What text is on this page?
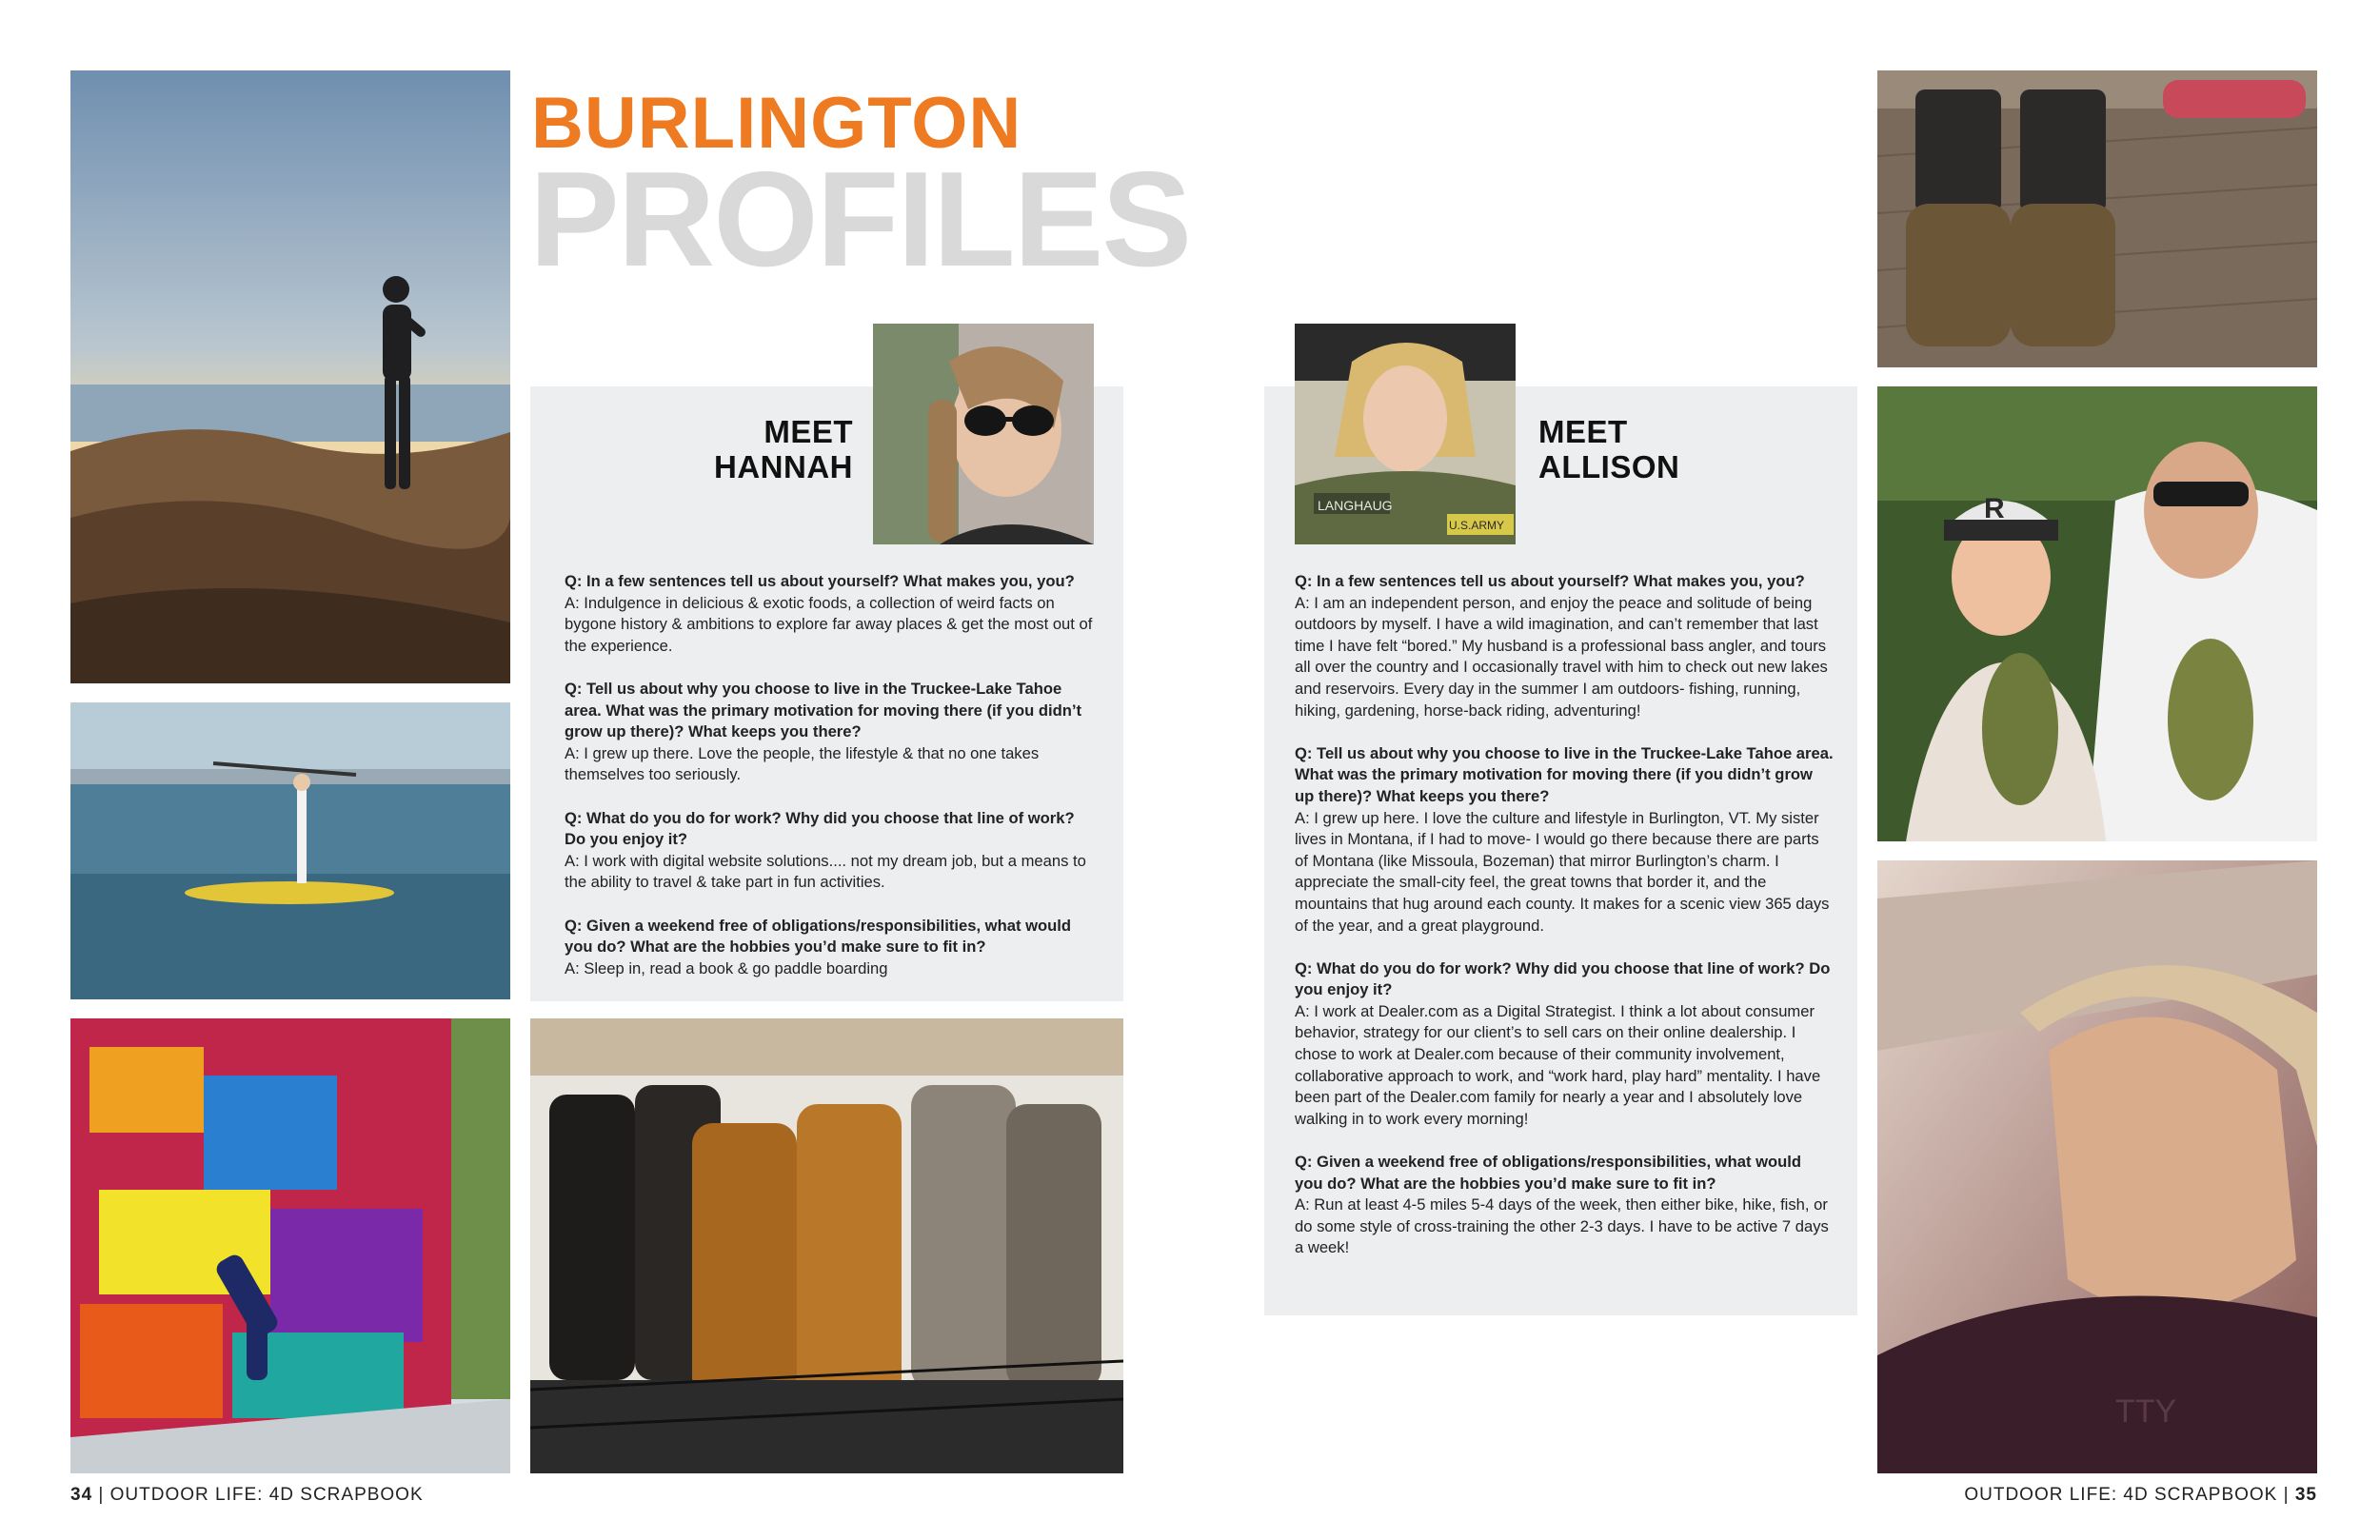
BURLINGTON
PROFILES
MEET
HANNAH

Q: In a few sentences tell us about yourself? What makes you, you?
A: Indulgence in delicious & exotic foods, a collection of weird facts on bygone history & ambitions to explore far away places & get the most out of the experience.

Q: Tell us about why you choose to live in the Truckee-Lake Tahoe area. What was the primary motivation for moving there (if you didn’t grow up there)? What keeps you there?
A: I grew up there. Love the people, the lifestyle & that no one takes themselves too seriously.

Q: What do you do for work? Why did you choose that line of work? Do you enjoy it?
A: I work with digital website solutions.... not my dream job, but a means to the ability to travel & take part in fun activities.

Q: Given a weekend free of obligations/responsibilities, what would you do? What are the hobbies you’d make sure to fit in?
A: Sleep in, read a book & go paddle boarding

LANGHAUG
U.S.ARMY
MEET
ALLISON

Q: In a few sentences tell us about yourself? What makes you, you?
A: I am an independent person, and enjoy the peace and solitude of being outdoors by myself. I have a wild imagination, and can’t remember that last time I have felt “bored.” My husband is a professional bass angler, and tours all over the country and I occasionally travel with him to check out new lakes and reservoirs. Every day in the summer I am outdoors- fishing, running, hiking, gardening, horse-back riding, adventuring!

Q: Tell us about why you choose to live in the Truckee-Lake Tahoe area. What was the primary motivation for moving there (if you didn’t grow up there)? What keeps you there?
A: I grew up here. I love the culture and lifestyle in Burlington, VT. My sister lives in Montana, if I had to move- I would go there because there are parts of Montana (like Missoula, Bozeman) that mirror Burlington’s charm. I appreciate the small-city feel, the great towns that border it, and the mountains that hug around each county. It makes for a scenic view 365 days of the year, and a great playground.

Q: What do you do for work? Why did you choose that line of work? Do you enjoy it?
A: I work at Dealer.com as a Digital Strategist. I think a lot about consumer behavior, strategy for our client’s to sell cars on their online dealership. I chose to work at Dealer.com because of their community involvement, collaborative approach to work, and “work hard, play hard” mentality. I have been part of the Dealer.com family for nearly a year and I absolutely love walking in to work every morning!

Q: Given a weekend free of obligations/responsibilities, what would you do? What are the hobbies you’d make sure to fit in?
A: Run at least 4-5 miles 5-4 days of the week, then either bike, hike, fish, or do some style of cross-training the other 2-3 days. I have to be active 7 days a week!

R
TTY
34 | OUTDOOR LIFE: 4D SCRAPBOOK	OUTDOOR LIFE: 4D SCRAPBOOK | 35
